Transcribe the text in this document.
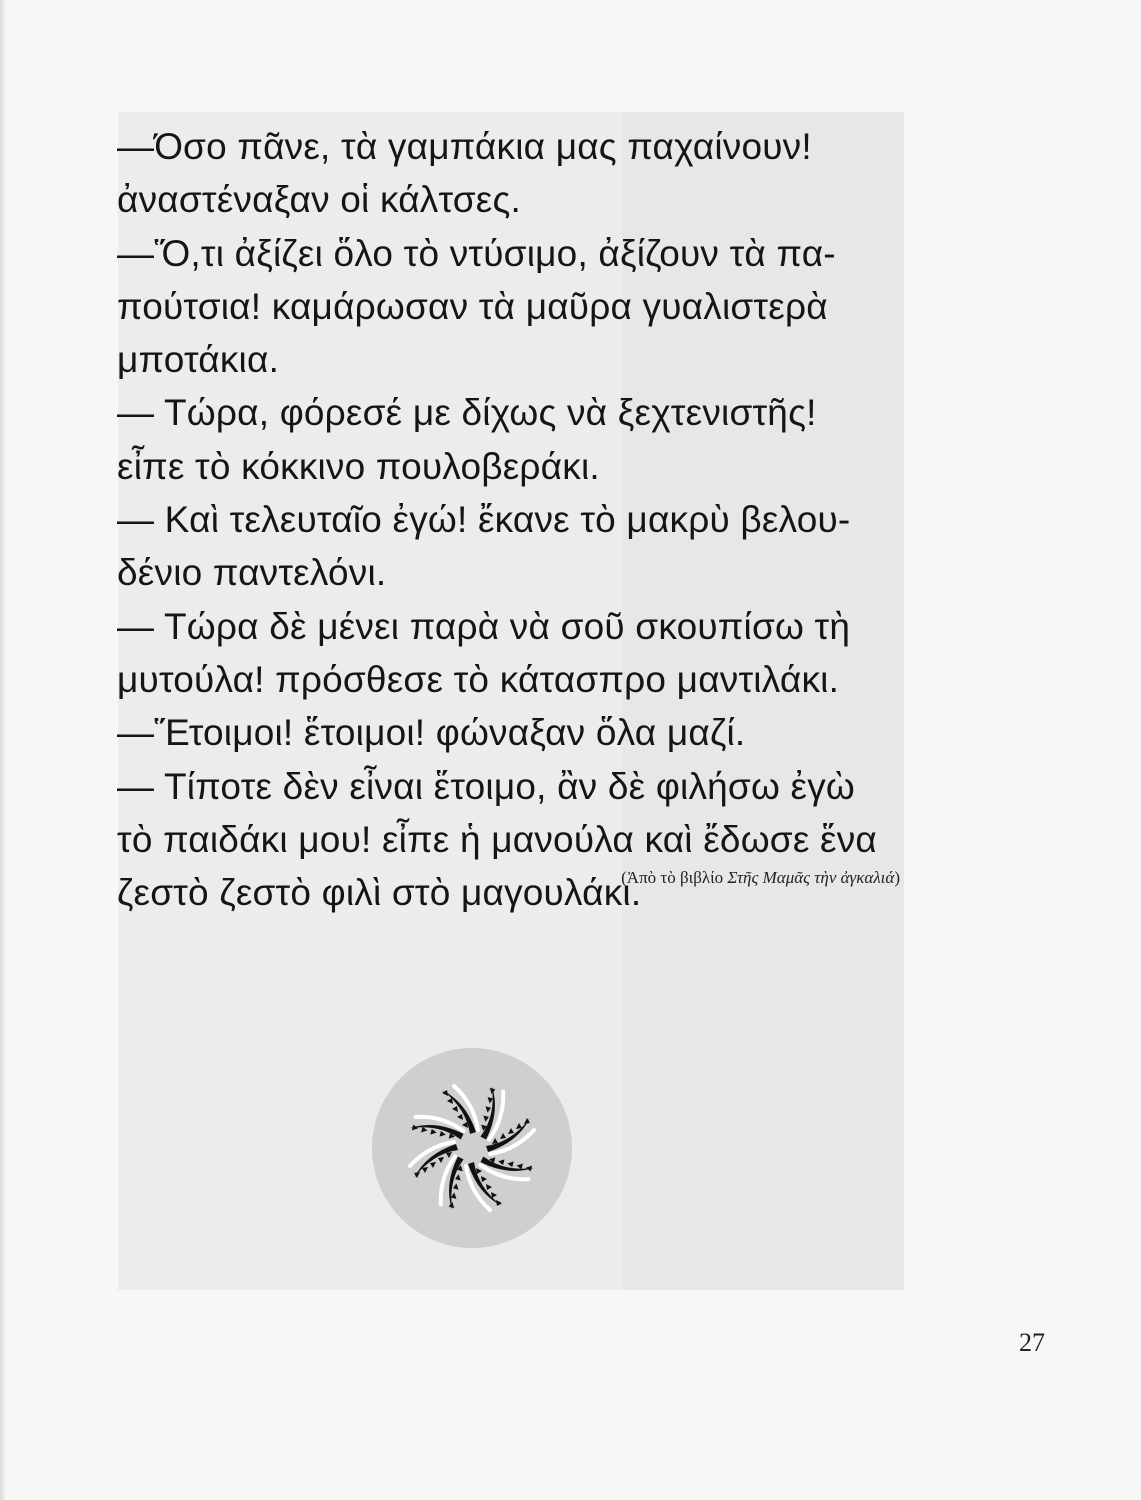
—Όσο πᾶνε, τὰ γαμπάκια μας παχαίνουν!
ἀναστέναξαν οἱ κάλτσες.
—Ὅ,τι ἀξίζει ὅλο τὸ ντύσιμο, ἀξίζουν τὰ πα-
πούτσια! καμάρωσαν τὰ μαῦρα γυαλιστερὰ
μποτάκια.
— Τώρα, φόρεσέ με δίχως νὰ ξεχτενιστῆς!
εἶπε τὸ κόκκινο πουλοβεράκι.
— Καὶ τελευταῖο ἐγώ! ἔκανε τὸ μακρὺ βελου-
δένιο παντελόνι.
— Τώρα δὲ μένει παρὰ νὰ σοῦ σκουπίσω τὴ
μυτούλα! πρόσθεσε τὸ κάτασπρο μαντιλάκι.
—Ἕτοιμοι! ἕτοιμοι! φώναξαν ὅλα μαζί.
— Τίποτε δὲν εἶναι ἕτοιμο, ἂν δὲ φιλήσω ἐγὼ
τὸ παιδάκι μου! εἶπε ἡ μανούλα καὶ ἔδωσε ἕνα
ζεστὸ ζεστὸ φιλὶ στὸ μαγουλάκι.
(Ἀπὸ τὸ βιβλίο Στῆς Μαμᾶς τὴν ἀγκαλιά)
27
